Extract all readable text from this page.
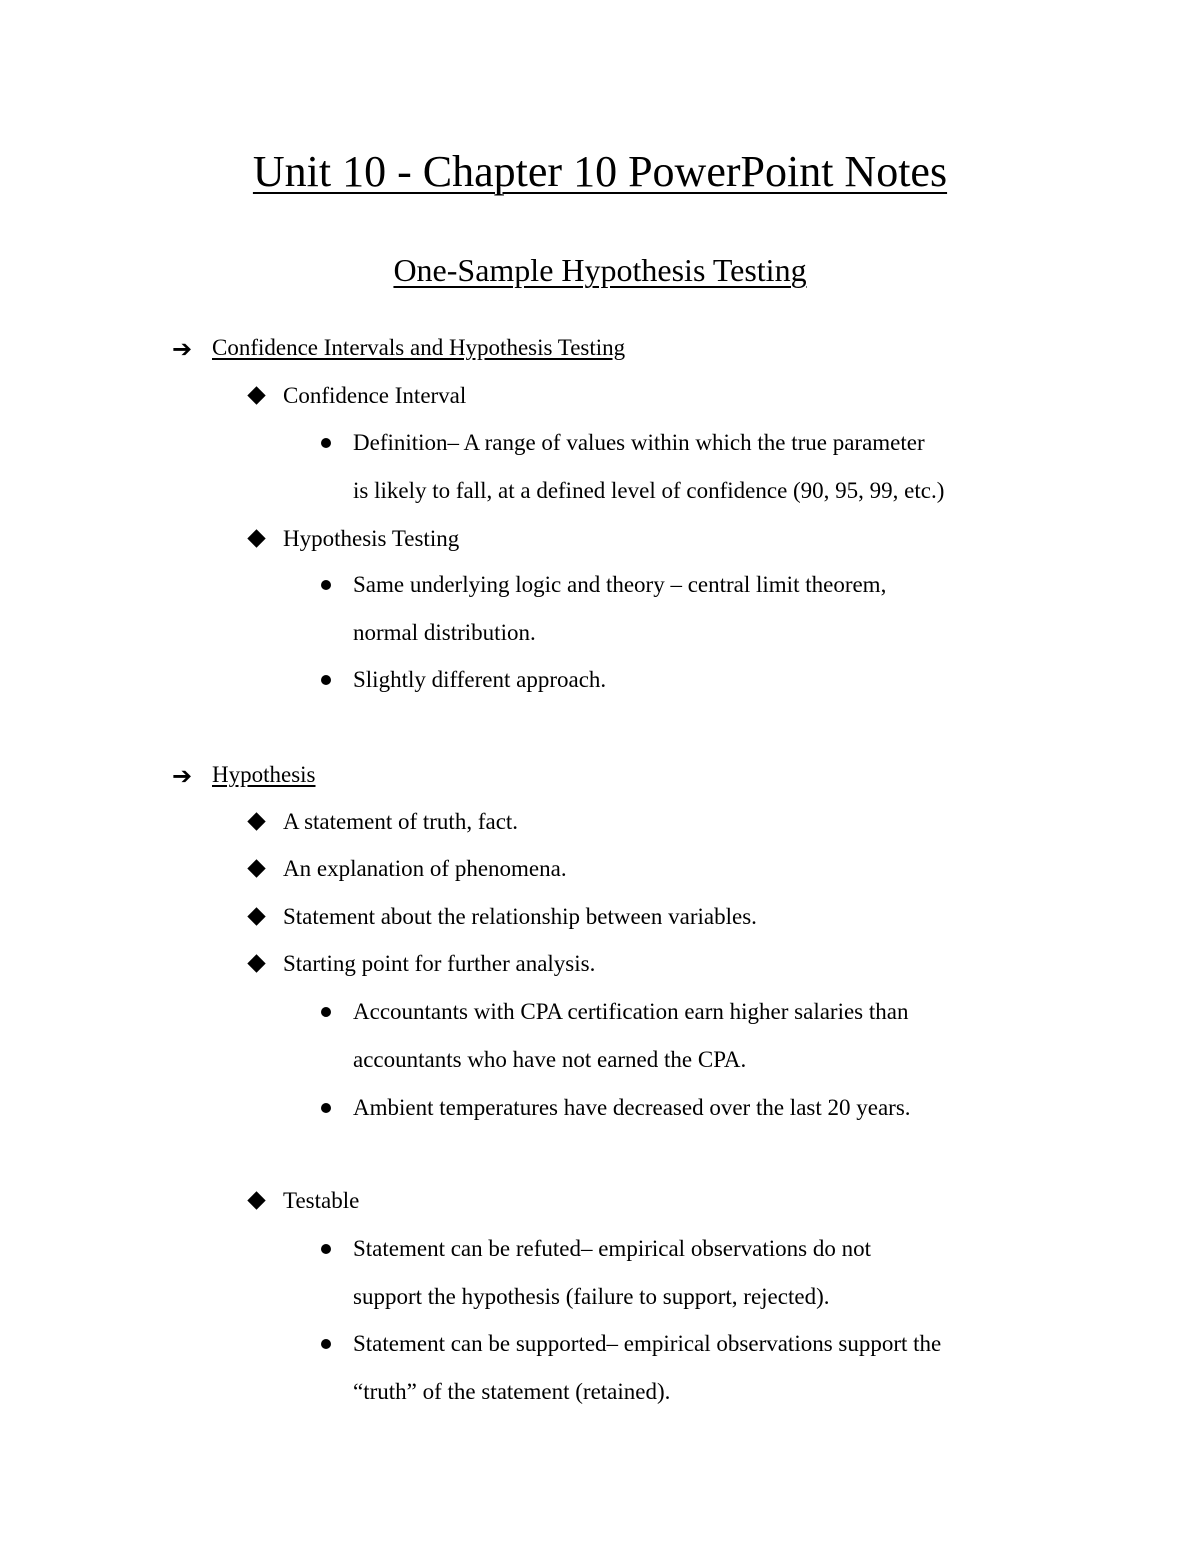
Unit 10 - Chapter 10 PowerPoint Notes
One-Sample Hypothesis Testing
➔ Confidence Intervals and Hypothesis Testing
Confidence Interval
Definition– A range of values within which the true parameter
is likely to fall, at a defined level of confidence (90, 95, 99, etc.)
Hypothesis Testing
Same underlying logic and theory – central limit theorem,
normal distribution.
Slightly different approach.
➔ Hypothesis
A statement of truth, fact.
An explanation of phenomena.
Statement about the relationship between variables.
Starting point for further analysis.
Accountants with CPA certification earn higher salaries than
accountants who have not earned the CPA.
Ambient temperatures have decreased over the last 20 years.
Testable
Statement can be refuted– empirical observations do not
support the hypothesis (failure to support, rejected).
Statement can be supported– empirical observations support the
“truth” of the statement (retained).
